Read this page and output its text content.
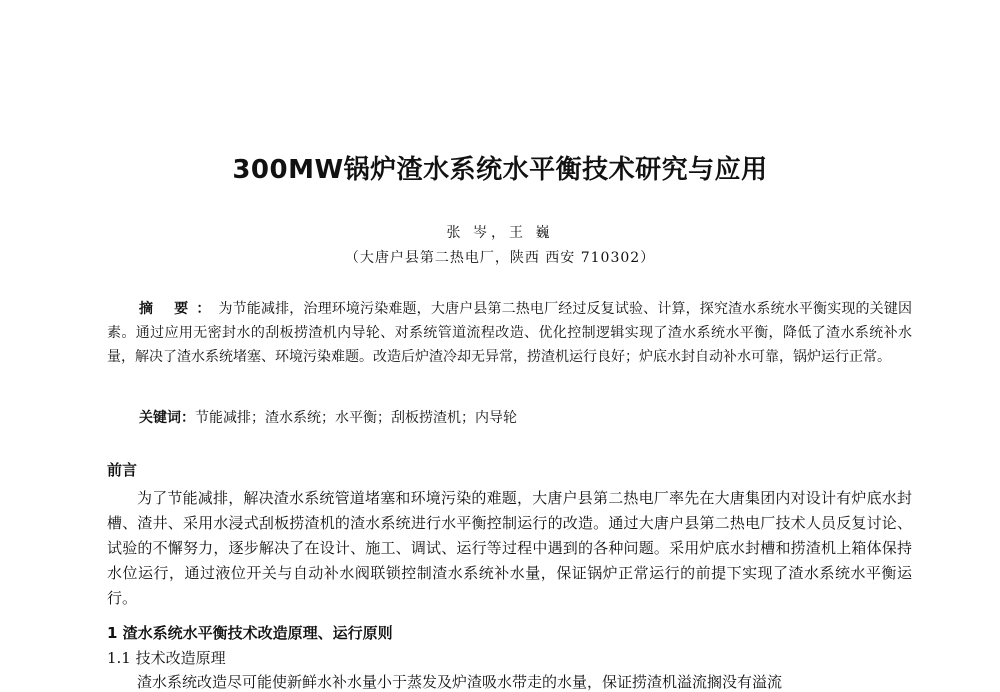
300MW锅炉渣水系统水平衡技术研究与应用
张 岑，王 巍
（大唐户县第二热电厂，陕西 西安 710302）
摘 要：为节能减排，治理环境污染难题，大唐户县第二热电厂经过反复试验、计算，探究渣水系统水平衡实现的关键因素。通过应用无密封水的刮板捞渣机内导轮、对系统管道流程改造、优化控制逻辑实现了渣水系统水平衡，降低了渣水系统补水量，解决了渣水系统堵塞、环境污染难题。改造后炉渣冷却无异常，捞渣机运行良好；炉底水封自动补水可靠，锅炉运行正常。
关键词：节能减排；渣水系统；水平衡；刮板捞渣机；内导轮
前言
为了节能减排，解决渣水系统管道堵塞和环境污染的难题，大唐户县第二热电厂率先在大唐集团内对设计有炉底水封槽、渣井、采用水浸式刮板捞渣机的渣水系统进行水平衡控制运行的改造。通过大唐户县第二热电厂技术人员反复讨论、试验的不懈努力，逐步解决了在设计、施工、调试、运行等过程中遇到的各种问题。采用炉底水封槽和捞渣机上箱体保持水位运行，通过液位开关与自动补水阀联锁控制渣水系统补水量，保证锅炉正常运行的前提下实现了渣水系统水平衡运行。
1 渣水系统水平衡技术改造原理、运行原则
1.1 技术改造原理
渣水系统改造尽可能使新鲜水补水量小于蒸发及炉渣吸水带走的水量，保证捞渣机溢流搁没有溢流
